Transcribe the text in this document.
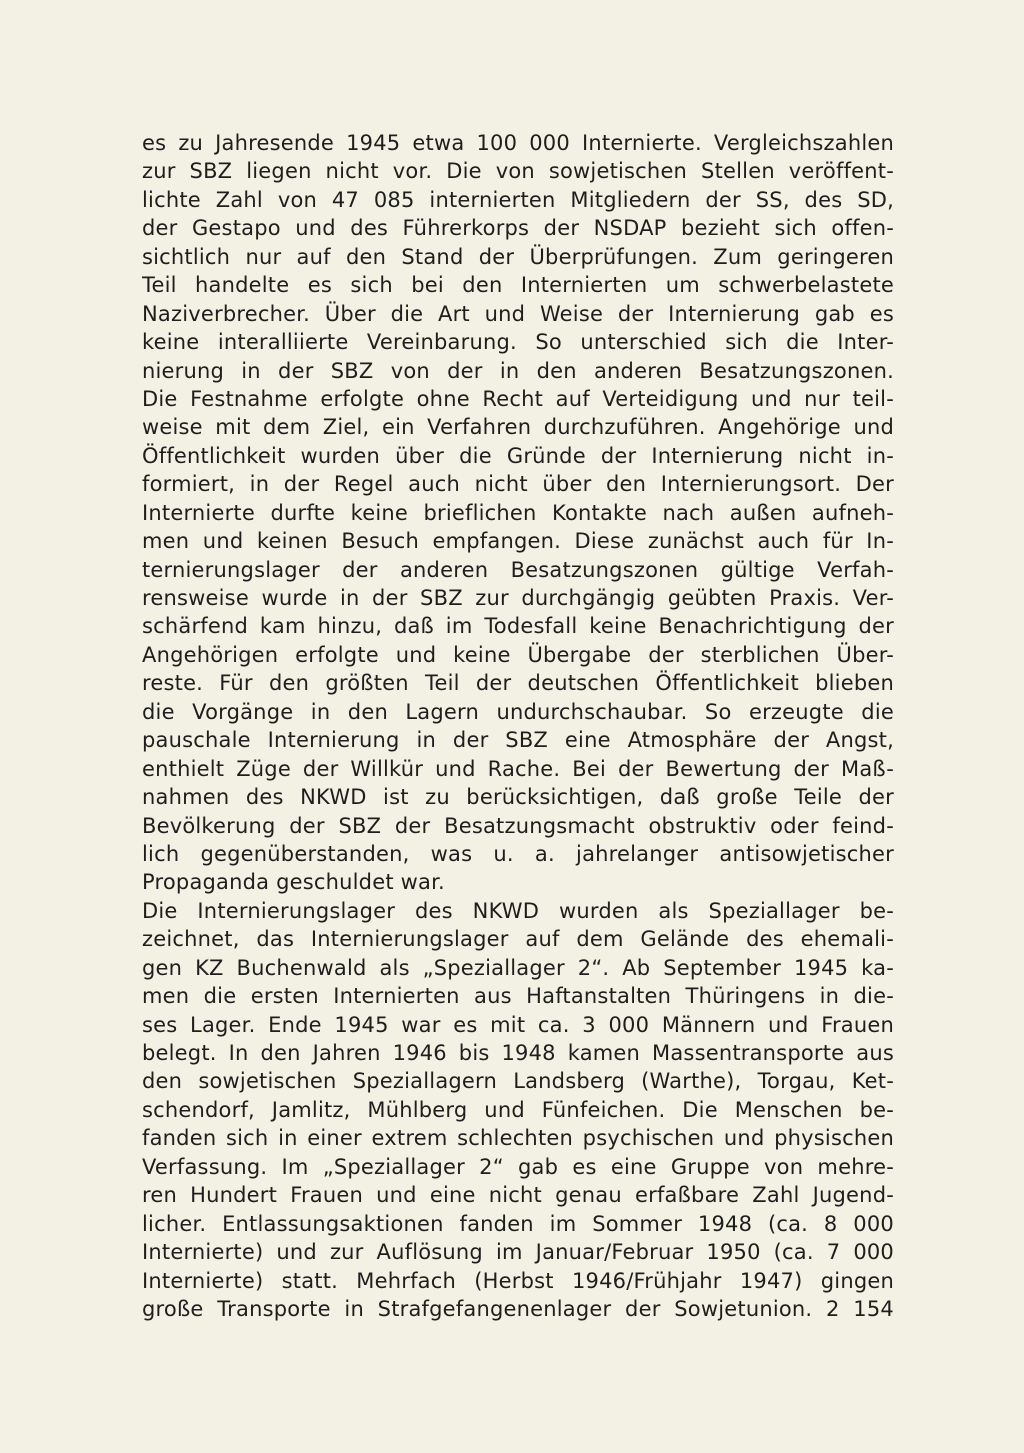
es zu Jahresende 1945 etwa 100 000 Internierte. Vergleichszahlen
zur SBZ liegen nicht vor. Die von sowjetischen Stellen veröffent-
lichte Zahl von 47 085 internierten Mitgliedern der SS, des SD,
der Gestapo und des Führerkorps der NSDAP bezieht sich offen-
sichtlich nur auf den Stand der Überprüfungen. Zum geringeren
Teil handelte es sich bei den Internierten um schwerbelastete
Naziverbrecher. Über die Art und Weise der Internierung gab es
keine interalliierte Vereinbarung. So unterschied sich die Inter-
nierung in der SBZ von der in den anderen Besatzungszonen.
Die Festnahme erfolgte ohne Recht auf Verteidigung und nur teil-
weise mit dem Ziel, ein Verfahren durchzuführen. Angehörige und
Öffentlichkeit wurden über die Gründe der Internierung nicht in-
formiert, in der Regel auch nicht über den Internierungsort. Der
Internierte durfte keine brieflichen Kontakte nach außen aufneh-
men und keinen Besuch empfangen. Diese zunächst auch für In-
ternierungslager der anderen Besatzungszonen gültige Verfah-
rensweise wurde in der SBZ zur durchgängig geübten Praxis. Ver-
schärfend kam hinzu, daß im Todesfall keine Benachrichtigung der
Angehörigen erfolgte und keine Übergabe der sterblichen Über-
reste. Für den größten Teil der deutschen Öffentlichkeit blieben
die Vorgänge in den Lagern undurchschaubar. So erzeugte die
pauschale Internierung in der SBZ eine Atmosphäre der Angst,
enthielt Züge der Willkür und Rache. Bei der Bewertung der Maß-
nahmen des NKWD ist zu berücksichtigen, daß große Teile der
Bevölkerung der SBZ der Besatzungsmacht obstruktiv oder feind-
lich gegenüberstanden, was u. a. jahrelanger antisowjetischer
Propaganda geschuldet war.
Die Internierungslager des NKWD wurden als Speziallager be-
zeichnet, das Internierungslager auf dem Gelände des ehemali-
gen KZ Buchenwald als „Speziallager 2“. Ab September 1945 ka-
men die ersten Internierten aus Haftanstalten Thüringens in die-
ses Lager. Ende 1945 war es mit ca. 3 000 Männern und Frauen
belegt. In den Jahren 1946 bis 1948 kamen Massentransporte aus
den sowjetischen Speziallagern Landsberg (Warthe), Torgau, Ket-
schendorf, Jamlitz, Mühlberg und Fünfeichen. Die Menschen be-
fanden sich in einer extrem schlechten psychischen und physischen
Verfassung. Im „Speziallager 2“ gab es eine Gruppe von mehre-
ren Hundert Frauen und eine nicht genau erfaßbare Zahl Jugend-
licher. Entlassungsaktionen fanden im Sommer 1948 (ca. 8 000
Internierte) und zur Auflösung im Januar/Februar 1950 (ca. 7 000
Internierte) statt. Mehrfach (Herbst 1946/Frühjahr 1947) gingen
große Transporte in Strafgefangenenlager der Sowjetunion. 2 154
